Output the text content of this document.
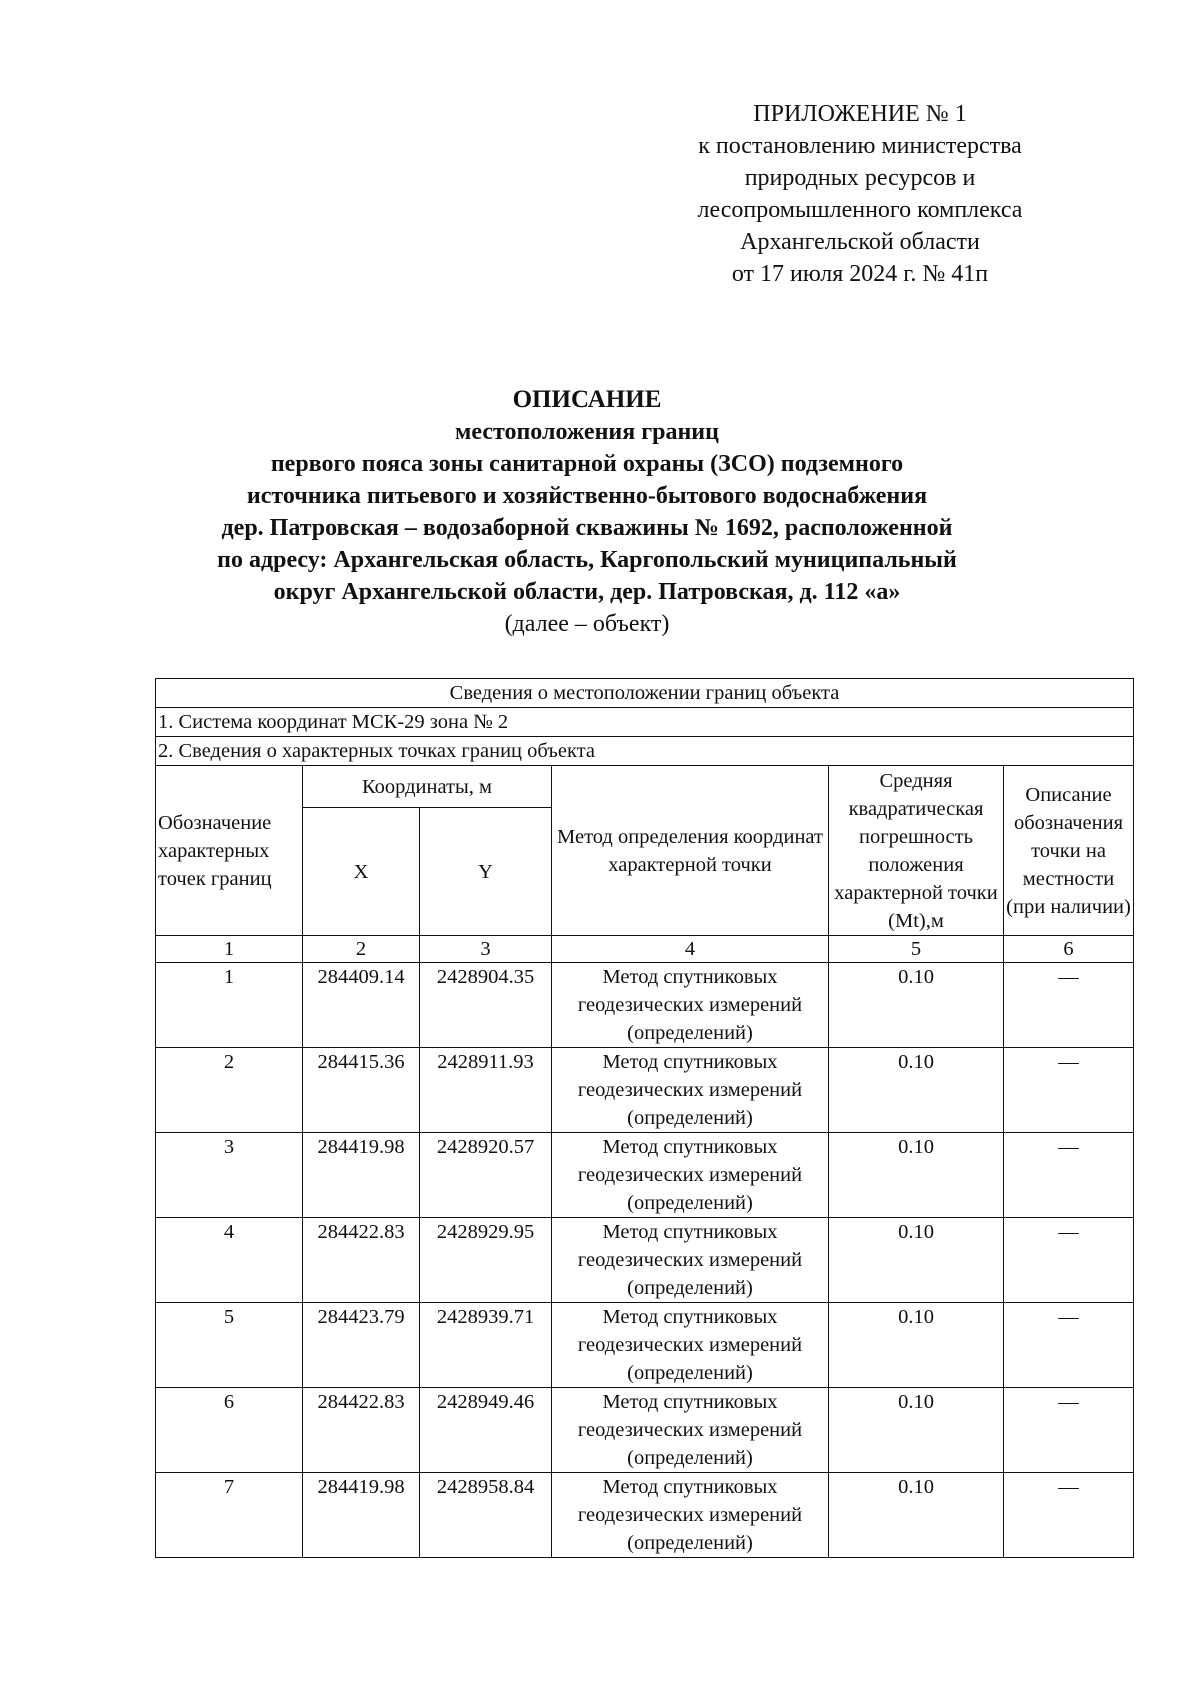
ПРИЛОЖЕНИЕ № 1
к постановлению министерства
природных ресурсов и
лесопромышленного комплекса
Архангельской области
от 17 июля 2024 г. № 41п
ОПИСАНИЕ
местоположения границ
первого пояса зоны санитарной охраны (ЗСО) подземного
источника питьевого и хозяйственно-бытового водоснабжения
дер. Патровская – водозаборной скважины № 1692, расположенной
по адресу: Архангельская область, Каргопольский муниципальный
округ Архангельской области, дер. Патровская, д. 112 «а»
(далее – объект)
Сведения о местоположении границ объекта					
1. Система координат МСК-29 зона № 2					
2. Сведения о характерных точках границ объекта					
Обозначение характерных точек границ	Координаты, м		Метод определения координат характерной точки	Средняя квадратическая погрешность положения характерной точки (Mt),м	Описание обозначения точки на местности (при наличии)
	X	Y			
1	2	3	4	5	6
1	284409.14	2428904.35	Метод спутниковых геодезических измерений (определений)	0.10	—
2	284415.36	2428911.93	Метод спутниковых геодезических измерений (определений)	0.10	—
3	284419.98	2428920.57	Метод спутниковых геодезических измерений (определений)	0.10	—
4	284422.83	2428929.95	Метод спутниковых геодезических измерений (определений)	0.10	—
5	284423.79	2428939.71	Метод спутниковых геодезических измерений (определений)	0.10	—
6	284422.83	2428949.46	Метод спутниковых геодезических измерений (определений)	0.10	—
7	284419.98	2428958.84	Метод спутниковых геодезических измерений (определений)	0.10	—
